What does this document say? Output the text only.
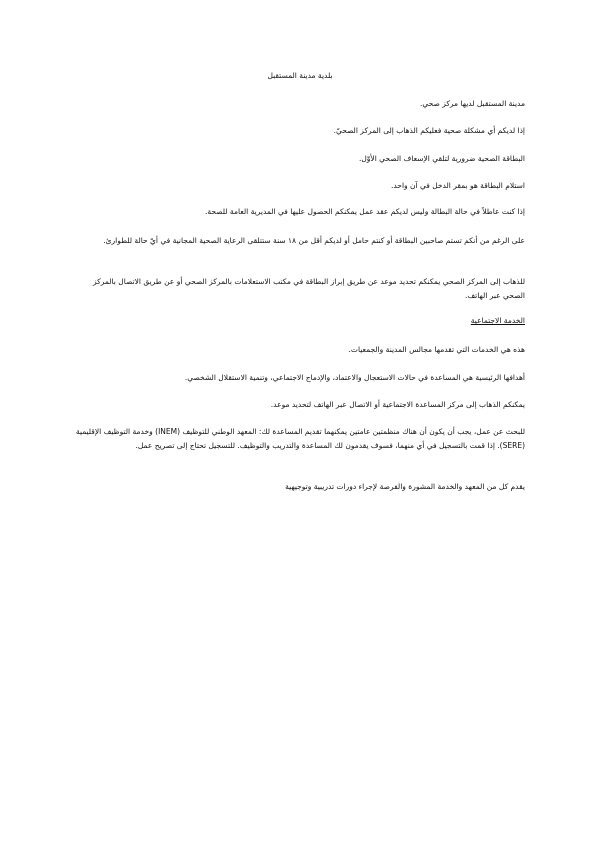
بلدية مدينة المستقبل
مدينة المستقبل لديها مركز صحي.
إذا لديكم أي مشكلة صحية فعليكم الذهاب إلى المركز الصحيّ.
البطاقة الصحية ضرورية لتلقي الإسعاف الصحي الأوّل.
استلام البطاقة هو بمقر الدخل في آن واحد.
إذا كنت عاطلاً في حالة البطالة وليس لديكم عقد عمل يمكنكم الحصول عليها في المديرية العامة للصحة.
على الرغم من أنكم تستم صاحبين البطاقة أو كنتم حامل أو لديكم أقل من ١٨ سنة ستتلقى الرعاية الصحية المجانية في أيّ حالة للطوارئ.
للذهاب إلى المركز الصحي يمكنكم تحديد موعد عن طريق إبراز البطاقة في مكتب الاستعلامات بالمركز الصحي أو عن طريق الاتصال بالمركز الصحي عبر الهاتف.
الخدمة الاجتماعية
هذه هي الخدمات التي تقدمها مجالس المدينة والجمعيات.
أهدافها الرئيسية هي المساعدة في حالات الاستعجال والاعتماد، والإدماج الاجتماعي، وتنمية الاستقلال الشخصي.
يمكنكم الذهاب إلى مركز المساعدة الاجتماعية أو الاتصال عبر الهاتف لتحديد موعد.
للبحث عن عمل، يجب أن يكون أن هناك منظمتين عامتين يمكنهما تقديم المساعدة لك: المعهد الوطني للتوظيف (INEM) وخدمة التوظيف الإقليمية (SERE). إذا قمت بالتسجيل في أي منهما، فسوف يقدمون لك المساعدة والتدريب والتوظيف. للتسجيل تحتاج إلى تصريح عمل.
يقدم كل من المعهد والخدمة المشورة والفرصة لإجراء دورات تدريبية وتوجيهية
